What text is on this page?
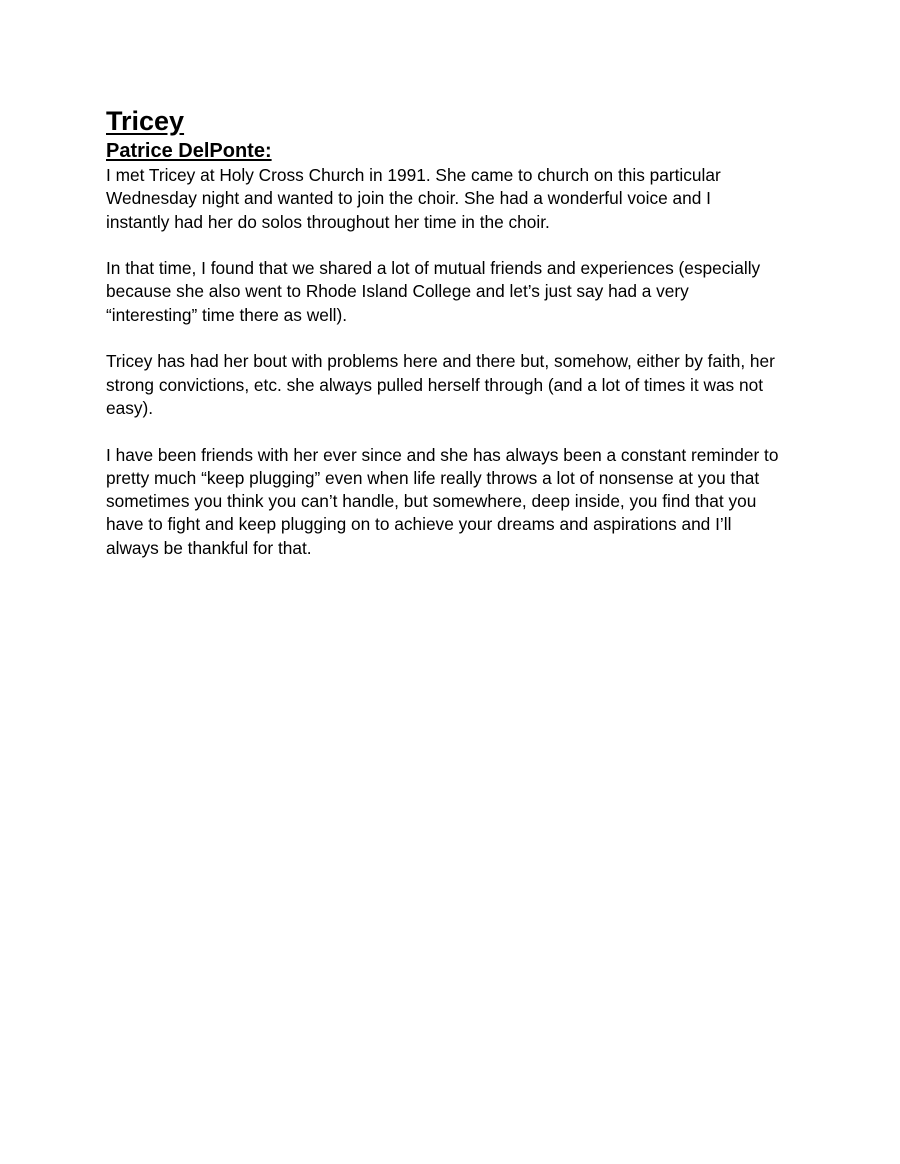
Tricey
Patrice DelPonte:

I met Tricey at Holy Cross Church in 1991. She came to church on this particular
Wednesday night and wanted to join the choir. She had a wonderful voice and I
instantly had her do solos throughout her time in the choir.

In that time, I found that we shared a lot of mutual friends and experiences (especially
because she also went to Rhode Island College and let’s just say had a very
“interesting” time there as well).

Tricey has had her bout with problems here and there but, somehow, either by faith, her
strong convictions, etc. she always pulled herself through (and a lot of times it was not
easy).

I have been friends with her ever since and she has always been a constant reminder to
pretty much “keep plugging” even when life really throws a lot of nonsense at you that
sometimes you think you can’t handle, but somewhere, deep inside, you find that you
have to fight and keep plugging on to achieve your dreams and aspirations and I’ll
always be thankful for that.
